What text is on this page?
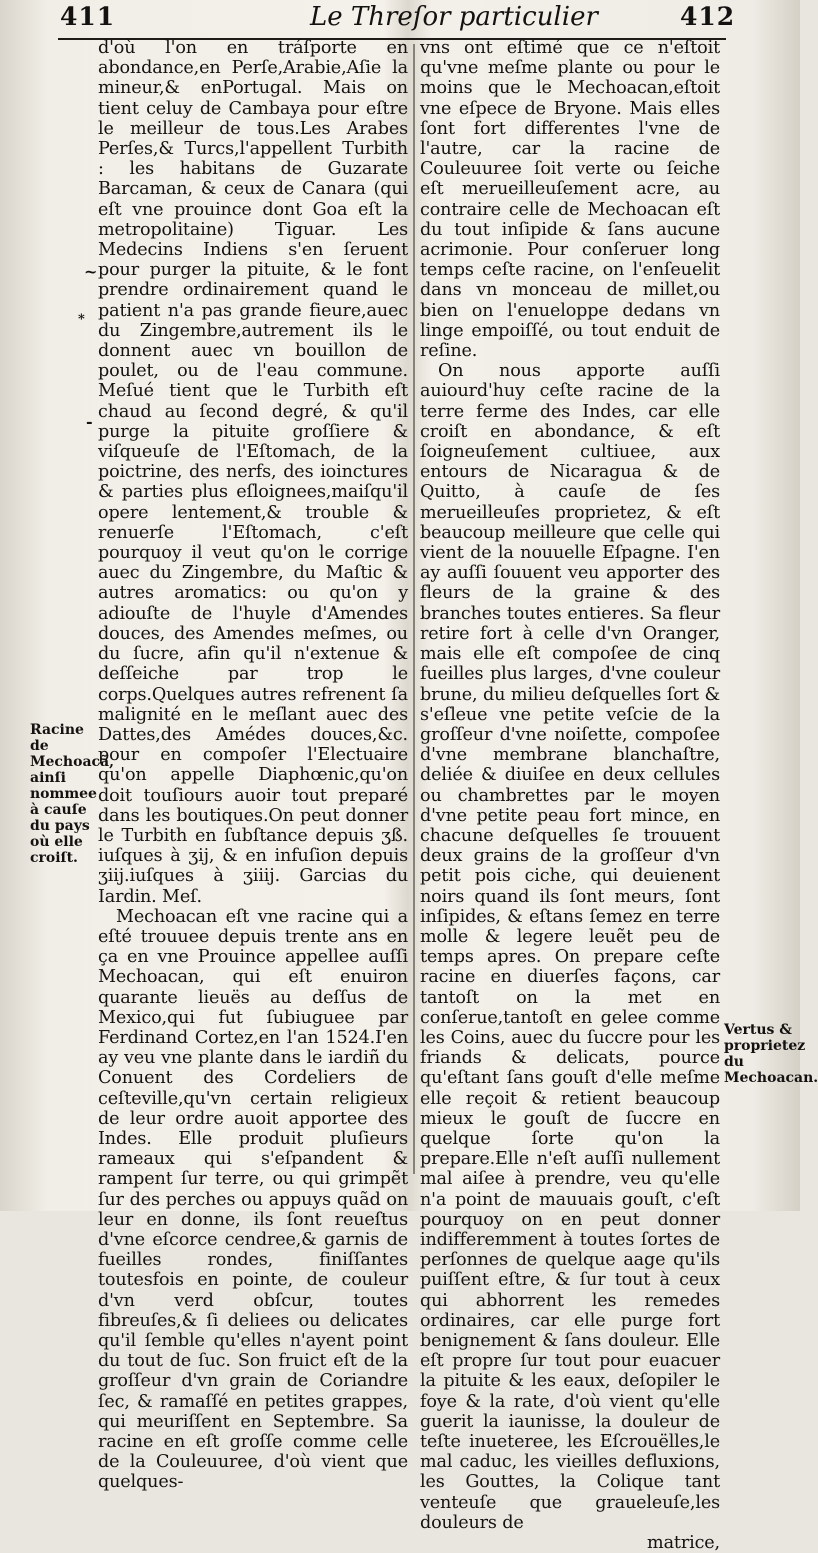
411	Le Threſor particulier	412
~
*
-

d'où l'on en tráſporte en abondance,en Perſe,Arabie,Aſie la mineur,& enPortugal. Mais on tient celuy de Cambaya pour eſtre le meilleur de tous.Les Arabes Perſes,& Turcs,l'appellent Turbith : les habitans de Guzarate Barcaman, & ceux de Canara (qui eſt vne prouince dont Goa eſt la metropolitaine) Tiguar. Les Medecins Indiens s'en ſeruent pour purger la pituite, & le font prendre ordinairement quand le patient n'a pas grande fieure,auec du Zingembre,autrement ils le donnent auec vn bouillon de poulet, ou de l'eau commune. Meſué tient que le Turbith eſt chaud au ſecond degré, & qu'il purge la pituite groſſiere & viſqueuſe de l'Eſtomach, de la poictrine, des nerfs, des ioinctures & parties plus eſloignees,maiſqu'il opere lentement,& trouble & renuerſe l'Eſtomach, c'eſt pourquoy il veut qu'on le corrige auec du Zingembre, du Maſtic & autres aromatics: ou qu'on y adiouſte de l'huyle d'Amendes douces, des Amendes meſmes, ou du ſucre, afin qu'il n'extenue & deſſeiche par trop le corps.Quelques autres refrenent ſa malignité en le meſlant auec des Dattes,des Amédes douces,&c. pour en compoſer l'Electuaire qu'on appelle Diaphœnic,qu'on doit touſiours auoir tout preparé dans les boutiques.On peut donner le Turbith en ſubſtance depuis ʒß. iuſques à ʒij, & en infuſion depuis ʒiij.iuſques à ʒiiij. Garcias du Iardin. Meſ.

Mechoacan eſt vne racine qui a eſté trouuee depuis trente ans en ça en vne Prouince appellee auſſi Mechoacan, qui eſt enuiron quarante lieuës au deſſus de Mexico,qui fut ſubiuguee par Ferdinand Cortez,en l'an 1524.I'en ay veu vne plante dans le iardiñ du Conuent des Cordeliers de ceſteville,qu'vn certain religieux de leur ordre auoit apportee des Indes. Elle produit pluſieurs rameaux qui s'eſpandent & rampent ſur terre, ou qui grimpẽt ſur des perches ou appuys quãd on leur en donne, ils ſont reueſtus d'vne eſcorce cendree,& garnis de fueilles rondes, finiſſantes toutesfois en pointe, de couleur d'vn verd obſcur, toutes fibreuſes,& ſi deliees ou delicates qu'il ſemble qu'elles n'ayent point du tout de ſuc. Son fruict eſt de la groſſeur d'vn grain de Coriandre ſec, & ramaſſé en petites grappes, qui meuriſſent en Septembre. Sa racine en eſt groſſe comme celle de la Couleuuree, d'où vient que quelques-

vns ont eſtimé que ce n'eſtoit qu'vne meſme plante ou pour le moins que le Mechoacan,eſtoit vne eſpece de Bryone. Mais elles ſont fort differentes l'vne de l'autre, car la racine de Couleuuree ſoit verte ou ſeiche eſt merueilleuſement acre, au contraire celle de Mechoacan eſt du tout inſipide & ſans aucune acrimonie. Pour conſeruer long temps ceſte racine, on l'enſeuelit dans vn monceau de millet,ou bien on l'enueloppe dedans vn linge empoiſſé, ou tout enduit de reſine.

On nous apporte auſſi auiourd'huy ceſte racine de la terre ferme des Indes, car elle croiſt en abondance, & eſt ſoigneuſement cultiuee, aux entours de Nicaragua & de Quitto, à cauſe de ſes merueilleuſes proprietez, & eſt beaucoup meilleure que celle qui vient de la nouuelle Eſpagne. I'en ay auſſi ſouuent veu apporter des fleurs de la graine & des branches toutes entieres. Sa fleur retire fort à celle d'vn Oranger, mais elle eſt compoſee de cinq fueilles plus larges, d'vne couleur brune, du milieu deſquelles ſort & s'eſleue vne petite veſcie de la groſſeur d'vne noiſette, compoſee d'vne membrane blanchaſtre, deliée & diuiſee en deux cellules ou chambrettes par le moyen d'vne petite peau fort mince, en chacune deſquelles ſe trouuent deux grains de la groſſeur d'vn petit pois ciche, qui deuienent noirs quand ils ſont meurs, ſont inſipides, & eſtans ſemez en terre molle & legere leuẽt peu de temps apres. On prepare ceſte racine en diuerſes façons, car tantoſt on la met en conſerue,tantoſt en gelee comme les Coins, auec du ſuccre pour les friands & delicats, pource qu'eſtant ſans gouſt d'elle meſme elle reçoit & retient beaucoup mieux le gouſt de ſuccre en quelque ſorte qu'on la prepare.Elle n'eſt auſſi nullement mal aiſee à prendre, veu qu'elle n'a point de mauuais gouſt, c'eſt pourquoy on en peut donner indifferemment à toutes ſortes de perſonnes de quelque aage qu'ils puiſſent eſtre, & ſur tout à ceux qui abhorrent les remedes ordinaires, car elle purge fort benignement & ſans douleur. Elle eſt propre ſur tout pour euacuer la pituite & les eaux, deſopiler le foye & la rate, d'où vient qu'elle guerit la iaunisse, la douleur de teſte inueteree, les Eſcrouëlles,le mal caduc, les vieilles defluxions, les Gouttes, la Colique tant venteuſe que graueleuſe,les douleurs de

matrice,

Racine de Mechoacã, ainſi nommee à cauſe du pays où elle croiſt.
Vertus & proprietez du Mechoacan.
